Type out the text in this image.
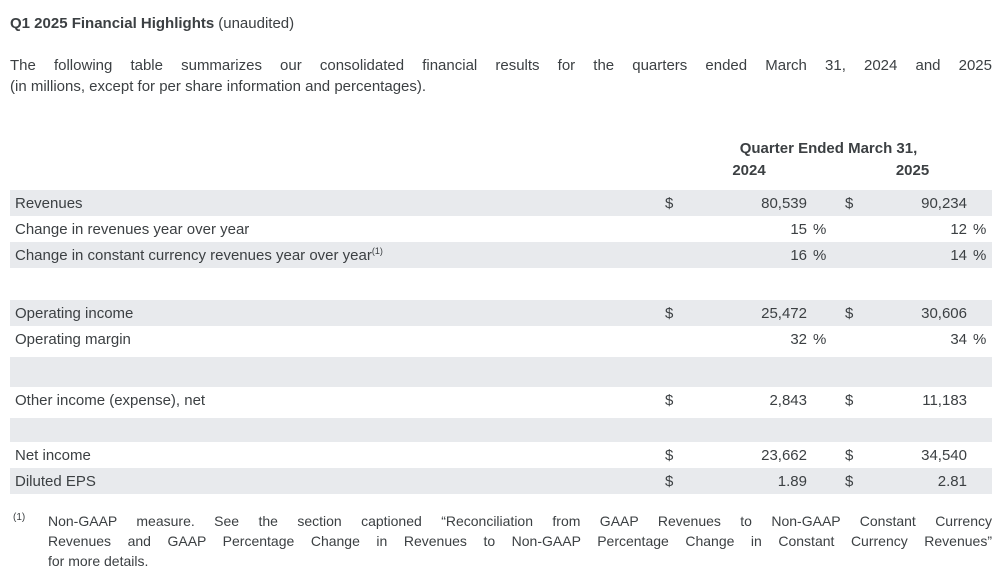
Q1 2025 Financial Highlights (unaudited)
The following table summarizes our consolidated financial results for the quarters ended March 31, 2024 and 2025
(in millions, except for per share information and percentages).
Quarter Ended March 31,
2024	2025
Revenues	$	80,539	$	90,234
Change in revenues year over year	15 %	12 %
Change in constant currency revenues year over year$^{(1)}$	16 %	14 %
Operating income	$	25,472	$	30,606
Operating margin	32 %	34 %
Other income (expense), net	$	2,843	$	11,183
Net income	$	23,662	$	34,540
Diluted EPS	$	1.89	$	2.81
(1)	Non-GAAP measure. See the section captioned “Reconciliation from GAAP Revenues to Non-GAAP Constant Currency
Revenues and GAAP Percentage Change in Revenues to Non-GAAP Percentage Change in Constant Currency Revenues”
for more details.
